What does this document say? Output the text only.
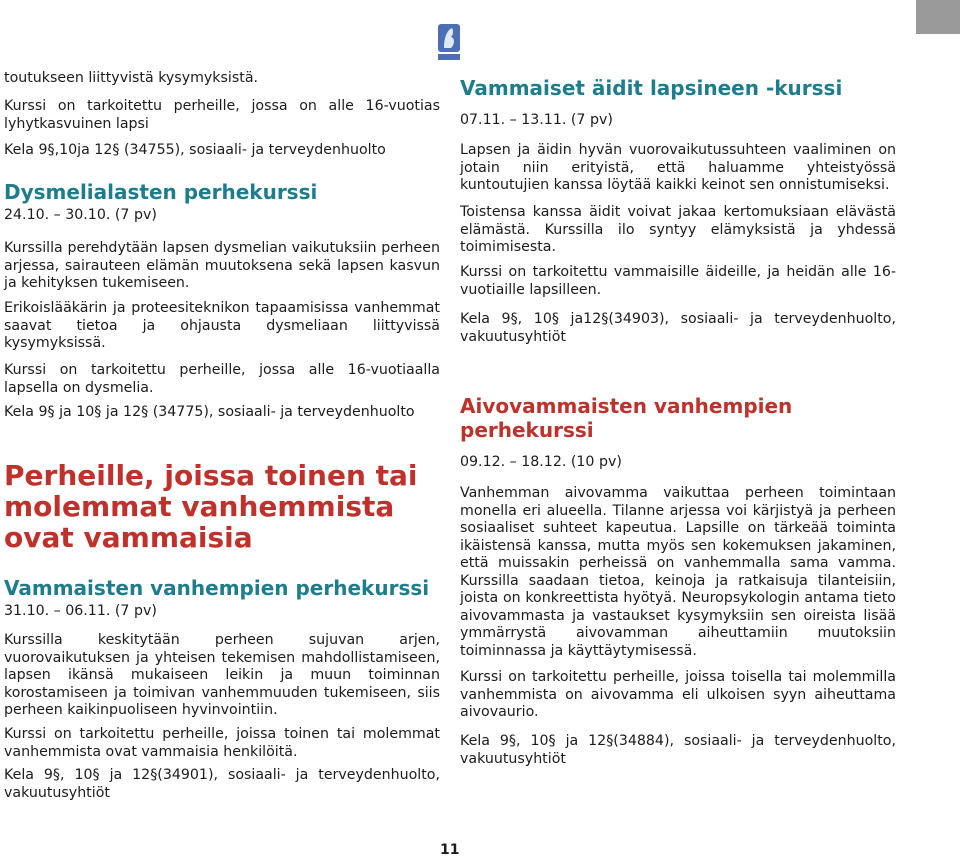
toutukseen liittyvistä kysymyksistä.

Kurssi on tarkoitettu perheille, jossa on alle 16-vuotias lyhytkasvuinen lapsi

Kela 9§,10ja 12§ (34755), sosiaali- ja terveydenhuolto

Dysmelialasten perhekurssi

24.10. – 30.10. (7 pv)

Kurssilla perehdytään lapsen dysmelian vaikutuksiin perheen arjessa, sairauteen elämän muutoksena sekä lapsen kasvun ja kehityksen tukemiseen.

Erikoislääkärin ja proteesiteknikon tapaamisissa vanhemmat saavat tietoa ja ohjausta dysmeliaan liittyvissä kysymyksissä.

Kurssi on tarkoitettu perheille, jossa alle 16-vuotiaalla lapsella on dysmelia.

Kela 9§ ja 10§ ja 12§ (34775), sosiaali- ja terveydenhuolto

Perheille, joissa toinen tai molemmat vanhemmista ovat vammaisia
Vammaisten vanhempien perhekurssi

31.10. – 06.11. (7 pv)

Kurssilla keskitytään perheen sujuvan arjen, vuorovaikutuksen ja yhteisen tekemisen mahdollistamiseen, lapsen ikänsä mukaiseen leikin ja muun toiminnan korostamiseen ja toimivan vanhemmuuden tukemiseen, siis perheen kaikinpuoliseen hyvinvointiin.

Kurssi on tarkoitettu perheille, joissa toinen tai molemmat vanhemmista ovat vammaisia henkilöitä.

Kela 9§, 10§ ja 12§(34901), sosiaali- ja terveydenhuolto, vakuutusyhtiöt

Vammaiset äidit lapsineen -kurssi

07.11. – 13.11. (7 pv)

Lapsen ja äidin hyvän vuorovaikutussuhteen vaaliminen on jotain niin erityistä, että haluamme yhteistyössä kuntoutujien kanssa löytää kaikki keinot sen onnistumiseksi.

Toistensa kanssa äidit voivat jakaa kertomuksiaan elävästä elämästä. Kurssilla ilo syntyy elämyksistä ja yhdessä toimimisesta.

Kurssi on tarkoitettu vammaisille äideille, ja heidän alle 16-vuotiaille lapsilleen.

Kela 9§, 10§ ja12§(34903), sosiaali- ja terveydenhuolto, vakuutusyhtiöt

Aivovammaisten vanhempien perhekurssi

09.12. – 18.12. (10 pv)

Vanhemman aivovamma vaikuttaa perheen toimintaan monella eri alueella. Tilanne arjessa voi kärjistyä ja perheen sosiaaliset suhteet kapeutua. Lapsille on tärkeää toiminta ikäistensä kanssa, mutta myös sen kokemuksen jakaminen, että muissakin perheissä on vanhemmalla sama vamma. Kurssilla saadaan tietoa, keinoja ja ratkaisuja tilanteisiin, joista on konkreettista hyötyä. Neuropsykologin antama tieto aivovammasta ja vastaukset kysymyksiin sen oireista lisää ymmärrystä aivovamman aiheuttamiin muutoksiin toiminnassa ja käyttäytymisessä.

Kurssi on tarkoitettu perheille, joissa toisella tai molemmilla vanhemmista on aivovamma eli ulkoisen syyn aiheuttama aivovaurio.

Kela 9§, 10§ ja 12§(34884), sosiaali- ja terveydenhuolto, vakuutusyhtiöt

11
